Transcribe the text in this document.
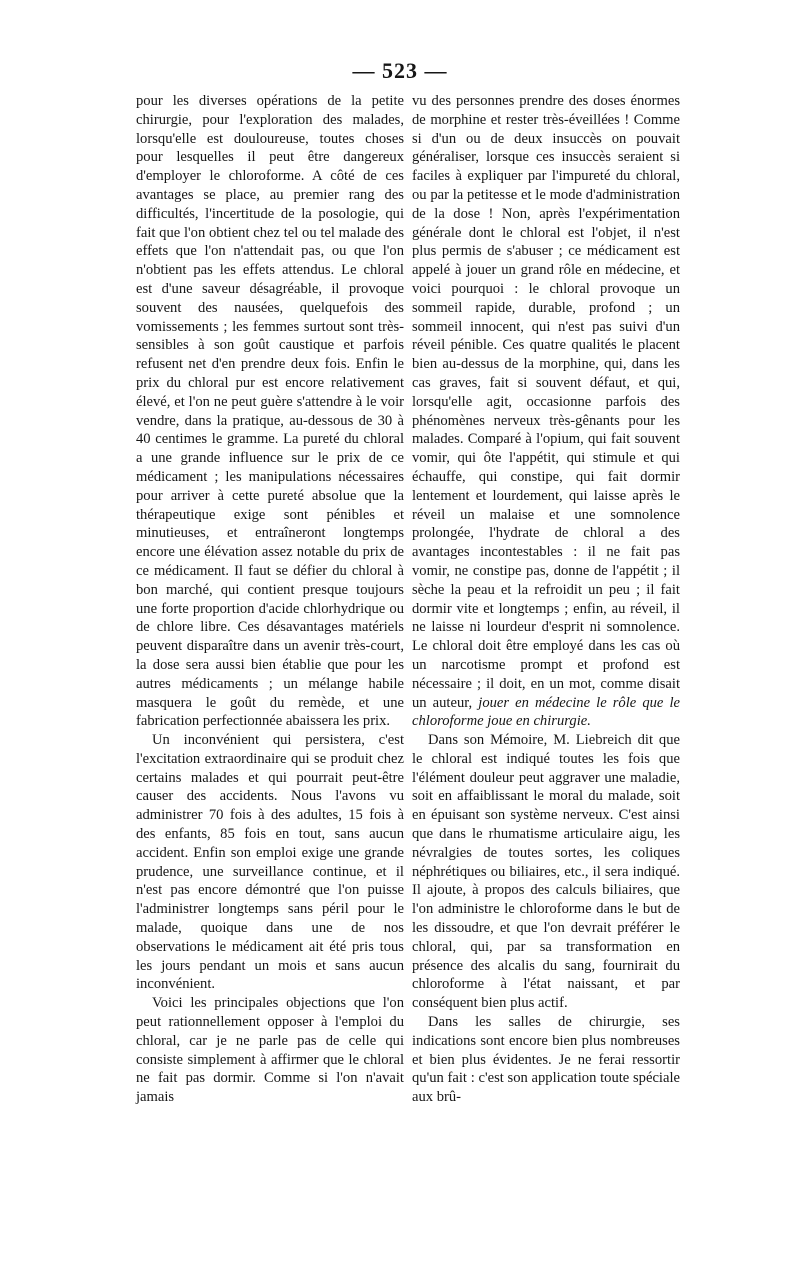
— 523 —

pour les diverses opérations de la petite chirurgie, pour l'exploration des malades, lorsqu'elle est douloureuse, toutes choses pour lesquelles il peut être dangereux d'employer le chloroforme. A côté de ces avantages se place, au premier rang des difficultés, l'incertitude de la posologie, qui fait que l'on obtient chez tel ou tel malade des effets que l'on n'attendait pas, ou que l'on n'obtient pas les effets attendus. Le chloral est d'une saveur désagréable, il provoque souvent des nausées, quelquefois des vomissements ; les femmes surtout sont très-sensibles à son goût caustique et parfois refusent net d'en prendre deux fois. Enfin le prix du chloral pur est encore relativement élevé, et l'on ne peut guère s'attendre à le voir vendre, dans la pratique, au-dessous de 30 à 40 centimes le gramme. La pureté du chloral a une grande influence sur le prix de ce médicament ; les manipulations nécessaires pour arriver à cette pureté absolue que la thérapeutique exige sont pénibles et minutieuses, et entraîneront longtemps encore une élévation assez notable du prix de ce médicament. Il faut se défier du chloral à bon marché, qui contient presque toujours une forte proportion d'acide chlorhydrique ou de chlore libre. Ces désavantages matériels peuvent disparaître dans un avenir très-court, la dose sera aussi bien établie que pour les autres médicaments ; un mélange habile masquera le goût du remède, et une fabrication perfectionnée abaissera les prix.

Un inconvénient qui persistera, c'est l'excitation extraordinaire qui se produit chez certains malades et qui pourrait peut-être causer des accidents. Nous l'avons vu administrer 70 fois à des adultes, 15 fois à des enfants, 85 fois en tout, sans aucun accident. Enfin son emploi exige une grande prudence, une surveillance continue, et il n'est pas encore démontré que l'on puisse l'administrer longtemps sans péril pour le malade, quoique dans une de nos observations le médicament ait été pris tous les jours pendant un mois et sans aucun inconvénient.

Voici les principales objections que l'on peut rationnellement opposer à l'emploi du chloral, car je ne parle pas de celle qui consiste simplement à affirmer que le chloral ne fait pas dormir. Comme si l'on n'avait jamais

vu des personnes prendre des doses énormes de morphine et rester très-éveillées ! Comme si d'un ou de deux insuccès on pouvait généraliser, lorsque ces insuccès seraient si faciles à expliquer par l'impureté du chloral, ou par la petitesse et le mode d'administration de la dose ! Non, après l'expérimentation générale dont le chloral est l'objet, il n'est plus permis de s'abuser ; ce médicament est appelé à jouer un grand rôle en médecine, et voici pourquoi : le chloral provoque un sommeil rapide, durable, profond ; un sommeil innocent, qui n'est pas suivi d'un réveil pénible. Ces quatre qualités le placent bien au-dessus de la morphine, qui, dans les cas graves, fait si souvent défaut, et qui, lorsqu'elle agit, occasionne parfois des phénomènes nerveux très-gênants pour les malades. Comparé à l'opium, qui fait souvent vomir, qui ôte l'appétit, qui stimule et qui échauffe, qui constipe, qui fait dormir lentement et lourdement, qui laisse après le réveil un malaise et une somnolence prolongée, l'hydrate de chloral a des avantages incontestables : il ne fait pas vomir, ne constipe pas, donne de l'appétit ; il sèche la peau et la refroidit un peu ; il fait dormir vite et longtemps ; enfin, au réveil, il ne laisse ni lourdeur d'esprit ni somnolence. Le chloral doit être employé dans les cas où un narcotisme prompt et profond est nécessaire ; il doit, en un mot, comme disait un auteur, jouer en médecine le rôle que le chloroforme joue en chirurgie.

Dans son Mémoire, M. Liebreich dit que le chloral est indiqué toutes les fois que l'élément douleur peut aggraver une maladie, soit en affaiblissant le moral du malade, soit en épuisant son système nerveux. C'est ainsi que dans le rhumatisme articulaire aigu, les névralgies de toutes sortes, les coliques néphrétiques ou biliaires, etc., il sera indiqué. Il ajoute, à propos des calculs biliaires, que l'on administre le chloroforme dans le but de les dissoudre, et que l'on devrait préférer le chloral, qui, par sa transformation en présence des alcalis du sang, fournirait du chloroforme à l'état naissant, et par conséquent bien plus actif.

Dans les salles de chirurgie, ses indications sont encore bien plus nombreuses et bien plus évidentes. Je ne ferai ressortir qu'un fait : c'est son application toute spéciale aux brû-
